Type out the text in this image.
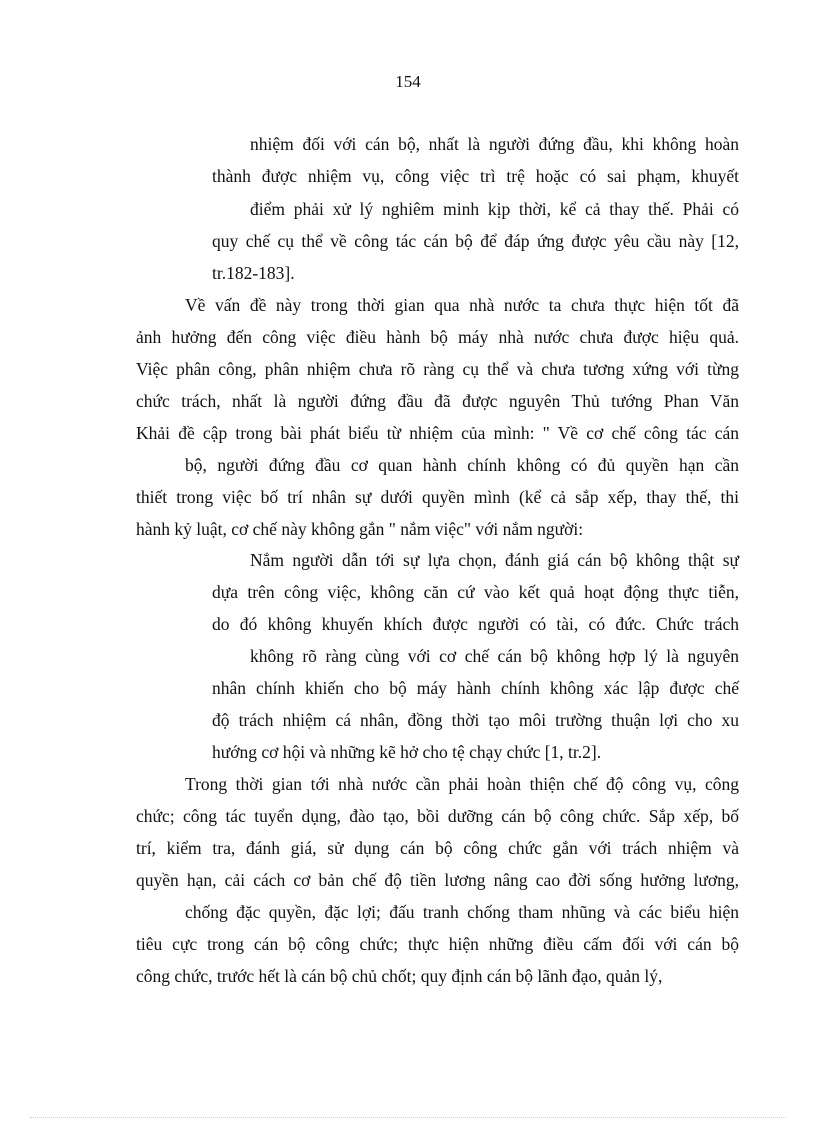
154
nhiệm đối với cán bộ, nhất là người đứng đầu, khi không hoàn
thành được nhiệm vụ, công việc trì trệ hoặc có sai phạm, khuyết
điểm phải xử lý nghiêm minh kịp thời, kể cả thay thế. Phải có
quy chế cụ thể về công tác cán bộ để đáp ứng được yêu cầu này [12,
tr.182-183].
Về vấn đề này trong thời gian qua nhà nước ta chưa thực hiện tốt đã
ảnh hưởng đến công việc điều hành bộ máy nhà nước chưa được hiệu quả.
Việc phân công, phân nhiệm chưa rõ ràng cụ thể và chưa tương xứng với từng
chức trách, nhất là người đứng đầu đã được nguyên Thủ tướng Phan Văn
Khải đề cập trong bài phát biểu từ nhiệm của mình: " Về cơ chế công tác cán
bộ, người đứng đầu cơ quan hành chính không có đủ quyền hạn cần
thiết trong việc bố trí nhân sự dưới quyền mình (kể cả sắp xếp, thay thế, thi
hành kỷ luật, cơ chế này không gắn " nắm việc" với nắm người:
Nắm người dẫn tới sự lựa chọn, đánh giá cán bộ không thật sự
dựa trên công việc, không căn cứ vào kết quả hoạt động thực tiễn,
do đó không khuyến khích được người có tài, có đức. Chức trách
không rõ ràng cùng với cơ chế cán bộ không hợp lý là nguyên
nhân chính khiến cho bộ máy hành chính không xác lập được chế
độ trách nhiệm cá nhân, đồng thời tạo môi trường thuận lợi cho xu
hướng cơ hội và những kẽ hở cho tệ chạy chức [1, tr.2].
Trong thời gian tới nhà nước cần phải hoàn thiện chế độ công vụ, công
chức; công tác tuyển dụng, đào tạo, bồi dưỡng cán bộ công chức. Sắp xếp, bố
trí, kiểm tra, đánh giá, sử dụng cán bộ công chức gắn với trách nhiệm và
quyền hạn, cải cách cơ bản chế độ tiền lương nâng cao đời sống hưởng lương,
chống đặc quyền, đặc lợi; đấu tranh chống tham nhũng và các biểu hiện
tiêu cực trong cán bộ công chức; thực hiện những điều cấm đối với cán bộ
công chức, trước hết là cán bộ chủ chốt; quy định cán bộ lãnh đạo, quản lý,
